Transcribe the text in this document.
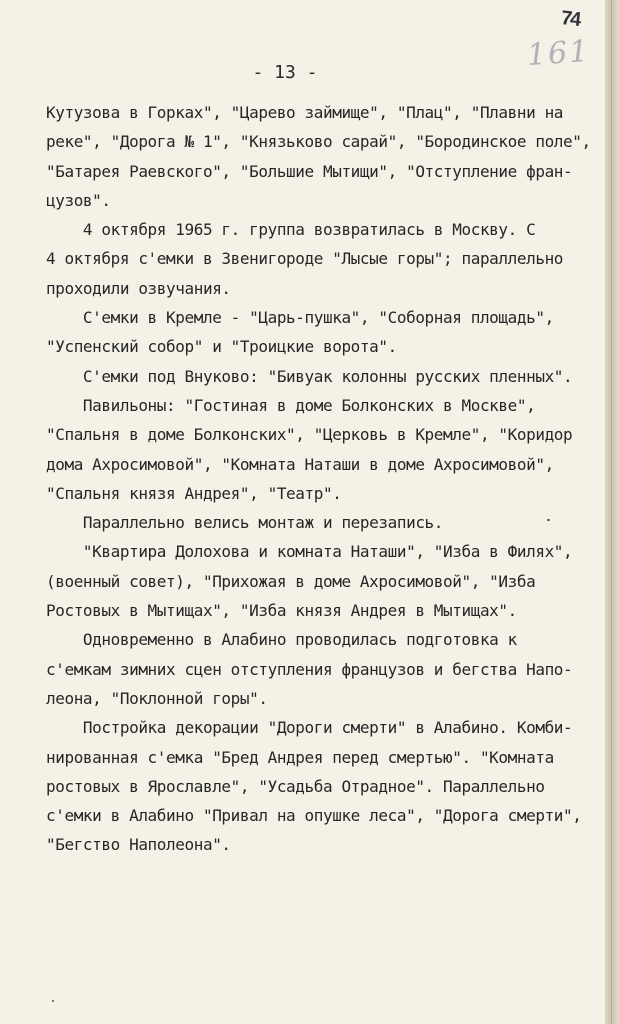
74
161
- 13 -

Кутузова в Горках", "Царево займище", "Плац", "Плавни на
реке", "Дорога № 1", "Князьково сарай", "Бородинское поле",
"Батарея Раевского", "Большие Мытищи", "Отступление фран-
цузов".

4 октября 1965 г. группа возвратилась в Москву. С
4 октября с'емки в Звенигороде "Лысые горы"; параллельно
проходили озвучания.

С'емки в Кремле - "Царь-пушка", "Соборная площадь",
"Успенский собор" и "Троицкие ворота".

С'емки под Внуково: "Бивуак колонны русских пленных".

Павильоны: "Гостиная в доме Болконских в Москве",
"Спальня в доме Болконских", "Церковь в Кремле", "Коридор
дома Ахросимовой", "Комната Наташи в доме Ахросимовой",
"Спальня князя Андрея", "Театр".

Параллельно велись монтаж и перезапись.

"Квартира Долохова и комната Наташи", "Изба в Филях",
(военный совет), "Прихожая в доме Ахросимовой", "Изба
Ростовых в Мытищах", "Изба князя Андрея в Мытищах".

Одновременно в Алабино проводилась подготовка к
с'емкам зимних сцен отступления французов и бегства Напо-
леона, "Поклонной горы".

Постройка декорации "Дороги смерти" в Алабино. Комби-
нированная с'емка "Бред Андрея перед смертью". "Комната
ростовых в Ярославле", "Усадьба Отрадное". Параллельно
с'емки в Алабино "Привал на опушке леса", "Дорога смерти",
"Бегство Наполеона".
